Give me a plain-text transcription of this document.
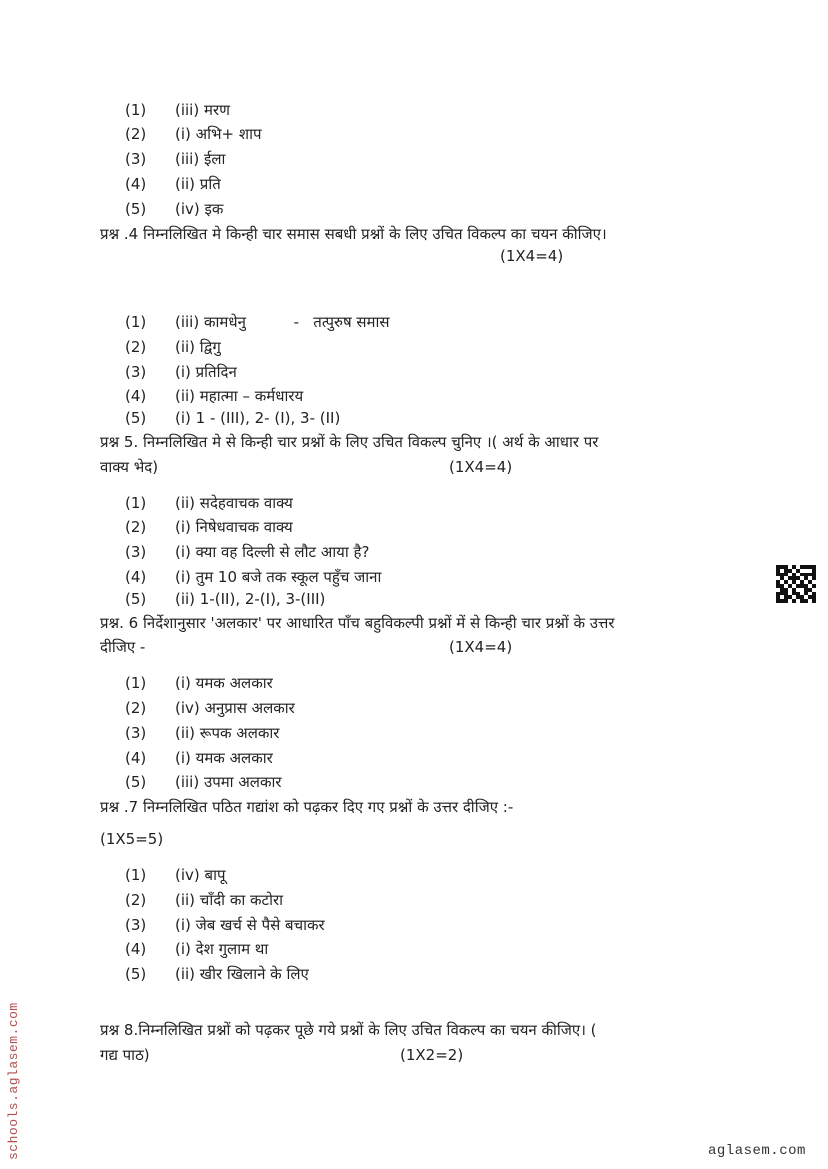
(1) (iii) मरण
(2) (i) अभि+ शाप
(3) (iii) ईला
(4) (ii) प्रति
(5) (iv) इक
प्रश्न .4 निम्नलिखित मे किन्ही चार समास सबधी प्रश्नों के लिए उचित विकल्प का चयन कीजिए।
(1X4=4)
(1) (iii) कामधेनु          -   तत्पुरुष समास
(2) (ii) द्विगु
(3) (i) प्रतिदिन
(4) (ii) महात्मा – कर्मधारय
(5) (i) 1 - (III), 2- (I), 3- (II)
प्रश्न 5. निम्नलिखित मे से किन्ही चार प्रश्नों के लिए उचित विकल्प चुनिए ।( अर्थ के आधार पर
वाक्य भेद)	(1X4=4)
(1) (ii) सदेहवाचक वाक्य
(2) (i) निषेधवाचक वाक्य
(3) (i) क्या वह दिल्ली से लौट आया है?
(4) (i) तुम 10 बजे तक स्कूल पहुँच जाना
(5) (ii) 1-(II), 2-(I), 3-(III)
प्रश्न. 6 निर्देशानुसार 'अलकार' पर आधारित पाँच बहुविकल्पी प्रश्नों में से किन्ही चार प्रश्नों के उत्तर
दीजिए -	(1X4=4)
(1) (i) यमक अलकार
(2) (iv) अनुप्रास अलकार
(3) (ii) रूपक अलकार
(4) (i) यमक अलकार
(5) (iii) उपमा अलकार
प्रश्न .7 निम्नलिखित पठित गद्यांश को पढ़कर दिए गए प्रश्नों के उत्तर दीजिए :-
(1X5=5)
(1) (iv) बापू
(2) (ii) चाँदी का कटोरा
(3) (i) जेब खर्च से पैसे बचाकर
(4) (i) देश गुलाम था
(5) (ii) खीर खिलाने के लिए
प्रश्न 8.निम्नलिखित प्रश्नों को पढ़कर पूछे गये प्रश्नों के लिए उचित विकल्प का चयन कीजिए। (
गद्य पाठ)	(1X2=2)
schools.aglasem.com	aglasem.com
